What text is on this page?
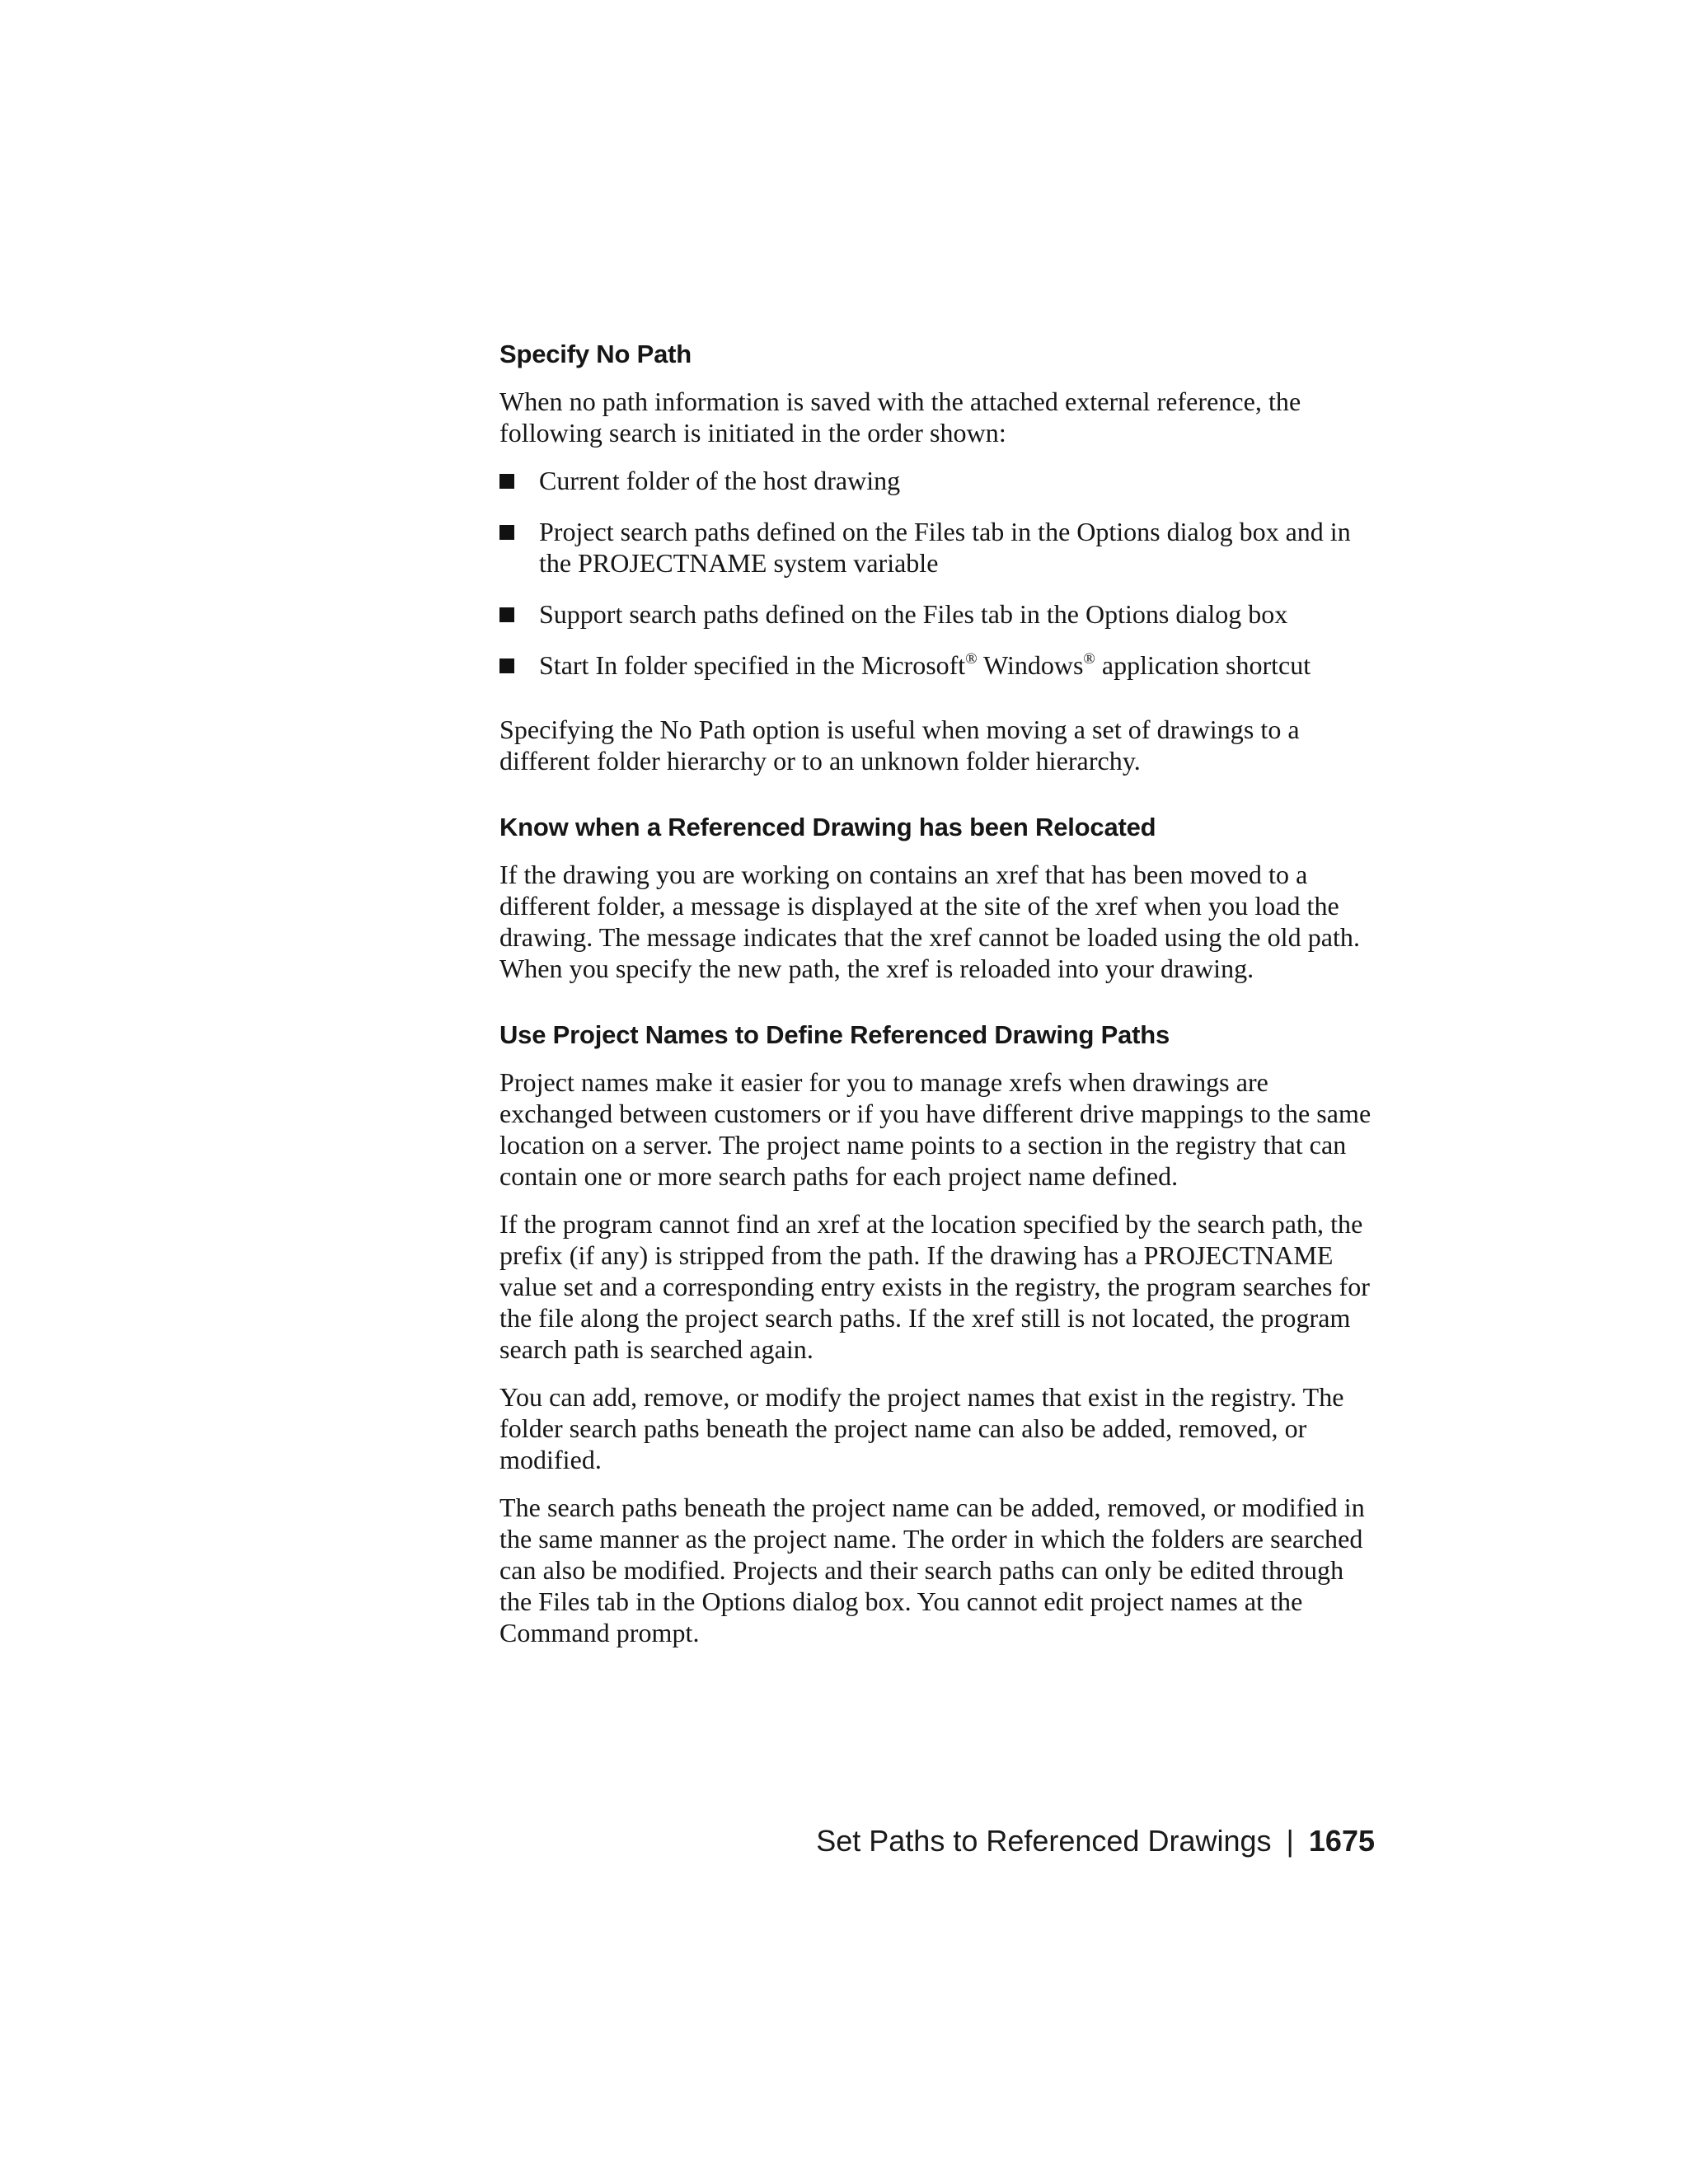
Specify No Path

When no path information is saved with the attached external reference, the following search is initiated in the order shown:

Current folder of the host drawing
Project search paths defined on the Files tab in the Options dialog box and in the PROJECTNAME system variable
Support search paths defined on the Files tab in the Options dialog box
Start In folder specified in the Microsoft® Windows® application shortcut

Specifying the No Path option is useful when moving a set of drawings to a different folder hierarchy or to an unknown folder hierarchy.

Know when a Referenced Drawing has been Relocated

If the drawing you are working on contains an xref that has been moved to a different folder, a message is displayed at the site of the xref when you load the drawing. The message indicates that the xref cannot be loaded using the old path. When you specify the new path, the xref is reloaded into your drawing.

Use Project Names to Define Referenced Drawing Paths

Project names make it easier for you to manage xrefs when drawings are exchanged between customers or if you have different drive mappings to the same location on a server. The project name points to a section in the registry that can contain one or more search paths for each project name defined.

If the program cannot find an xref at the location specified by the search path, the prefix (if any) is stripped from the path. If the drawing has a PROJECTNAME value set and a corresponding entry exists in the registry, the program searches for the file along the project search paths. If the xref still is not located, the program search path is searched again.

You can add, remove, or modify the project names that exist in the registry. The folder search paths beneath the project name can also be added, removed, or modified.

The search paths beneath the project name can be added, removed, or modified in the same manner as the project name. The order in which the folders are searched can also be modified. Projects and their search paths can only be edited through the Files tab in the Options dialog box. You cannot edit project names at the Command prompt.

Set Paths to Referenced Drawings | 1675
